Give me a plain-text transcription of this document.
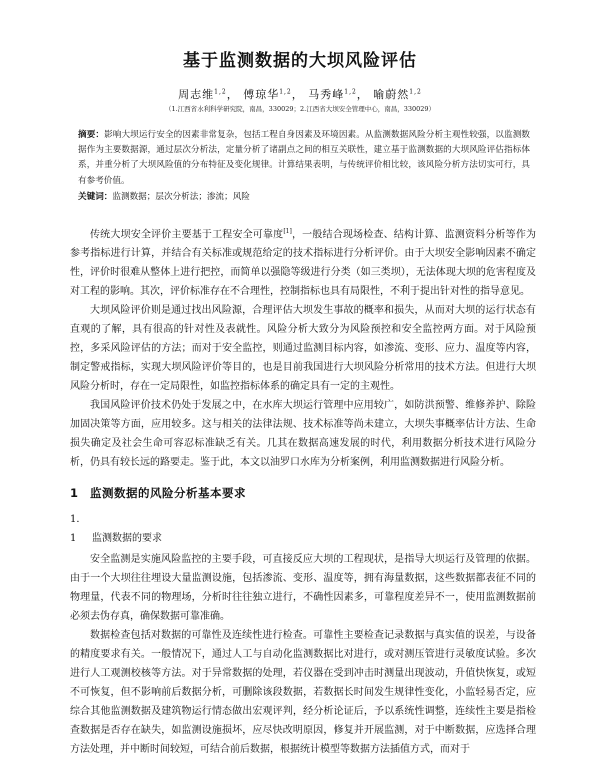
基于监测数据的大坝风险评估
周志维$^{1,2}$， 傅琼华$^{1,2}$， 马秀峰$^{1,2}$， 喻蔚然$^{1,2}$
（1.江西省水利科学研究院，南昌，330029；2.江西省大坝安全管理中心，南昌，330029）
摘要：影响大坝运行安全的因素非常复杂，包括工程自身因素及环境因素。从监测数据风险分析主观性较强，以监测数据作为主要数据源，通过层次分析法，定量分析了诸副点之间的相互关联性，建立基于监测数据的大坝风险评估指标体系，并重分析了大坝风险值的分布特征及变化规律。计算结果表明，与传统评价相比较，该风险分析方法切实可行，具有参考价值。
关键词：监测数据；层次分析法；渗流；风险

传统大坝安全评价主要基于工程安全可靠度[1]，一般结合现场检查、结构计算、监测资料分析等作为参考指标进行计算，并结合有关标准或规范给定的技术指标进行分析评价。由于大坝安全影响因素不确定性，评价时很难从整体上进行把控，而简单以强隐等级进行分类（如三类坝），无法体现大坝的危害程度及对工程的影响。其次，评价标准存在不合理性，控制指标也具有局限性，不利于提出针对性的指导意见。

大坝风险评价则是通过找出风险源，合理评估大坝发生事故的概率和损失，从而对大坝的运行状态有直观的了解，具有很高的针对性及表就性。风险分析大致分为风险预控和安全监控两方面。对于风险预控，多采风险评估的方法；而对于安全监控，则通过监测目标内容，如渗流、变形、应力、温度等内容，制定警戒指标，实现大坝风险评价等目的，也是目前我国进行大坝风险分析常用的技术方法。但进行大坝风险分析时，存在一定局限性，如监控指标体系的确定具有一定的主观性。

我国风险评价技术仍处于发展之中，在水库大坝运行管理中应用较广，如防洪预警、维修养护、除险加固决策等方面，应用较多。这与相关的法律法规、技术标准等尚未建立，大坝失事概率估计方法、生命损失确定及社会生命可容忍标准缺乏有关。几其在数据高速发展的时代，利用数据分析技术进行风险分析，仍具有较长远的路要走。鉴于此，本文以油罗口水库为分析案例，利用监测数据进行风险分析。

1 监测数据的风险分析基本要求
1．1 监测数据的要求

安全监测是实施风险监控的主要手段，可直接反应大坝的工程现状，是指导大坝运行及管理的依据。由于一个大坝往往埋设大量监测设施，包括渗流、变形、温度等，拥有海量数据，这些数据都表征不同的物理量，代表不同的物理场，分析时往往独立进行，不确性因素多，可靠程度差异不一，使用监测数据前必须去伪存真，确保数据可靠准确。

数据检查包括对数据的可靠性及连续性进行检查。可靠性主要检查记录数据与真实值的误差，与设备的精度要求有关。一般情况下，通过人工与自动化监测数据比对进行，或对测压管进行灵敏度试验。多次进行人工观测校核等方法。对于异常数据的处理，若仪器在受到冲击时测量出现波动，升值快恢复，或短不可恢复，但不影响前后数据分析，可删除该段数据，若数据长时间发生规律性变化，小监轻易否定，应综合其他监测数据及建筑物运行情态做出宏观评判，经分析论证后，予以系统性调整，连续性主要是指检查数据是否存在缺失，如监测设施损坏，应尽快改明原因，修复并开展监测，对于中断数据，应选择合理方法处理，并中断时间较短，可结合前后数据，根据统计模型等数据方法插值方式，而对于
